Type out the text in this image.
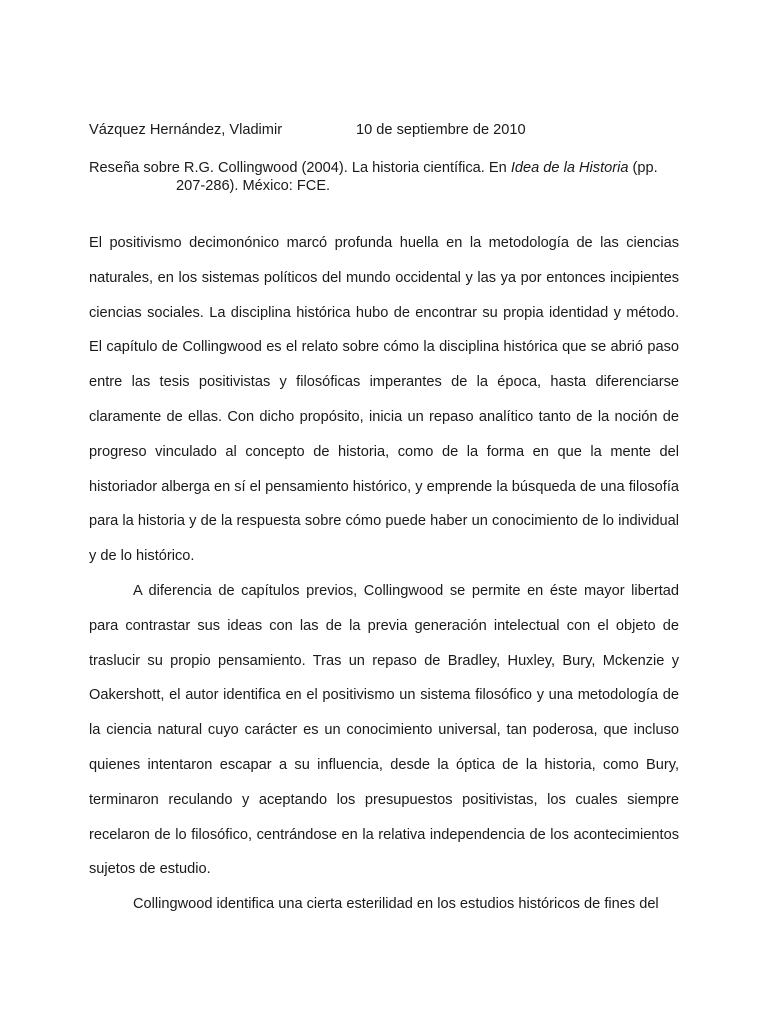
Vázquez Hernández, Vladimir	10 de septiembre de 2010
Reseña sobre R.G. Collingwood (2004). La historia científica. En Idea de la Historia (pp.
207-286). México: FCE.

El positivismo decimonónico marcó profunda huella en la metodología de las ciencias naturales, en los sistemas políticos del mundo occidental y las ya por entonces incipientes ciencias sociales. La disciplina histórica hubo de encontrar su propia identidad y método. El capítulo de Collingwood es el relato sobre cómo la disciplina histórica que se abrió paso entre las tesis positivistas y filosóficas imperantes de la época, hasta diferenciarse claramente de ellas. Con dicho propósito, inicia un repaso analítico tanto de la noción de progreso vinculado al concepto de historia, como de la forma en que la mente del historiador alberga en sí el pensamiento histórico, y emprende la búsqueda de una filosofía para la historia y de la respuesta sobre cómo puede haber un conocimiento de lo individual y de lo histórico.

A diferencia de capítulos previos, Collingwood se permite en éste mayor libertad para contrastar sus ideas con las de la previa generación intelectual con el objeto de traslucir su propio pensamiento. Tras un repaso de Bradley, Huxley, Bury, Mckenzie y Oakershott, el autor identifica en el positivismo un sistema filosófico y una metodología de la ciencia natural cuyo carácter es un conocimiento universal, tan poderosa, que incluso quienes intentaron escapar a su influencia, desde la óptica de la historia, como Bury, terminaron reculando y aceptando los presupuestos positivistas, los cuales siempre recelaron de lo filosófico, centrándose en la relativa independencia de los acontecimientos sujetos de estudio.

Collingwood identifica una cierta esterilidad en los estudios históricos de fines del
